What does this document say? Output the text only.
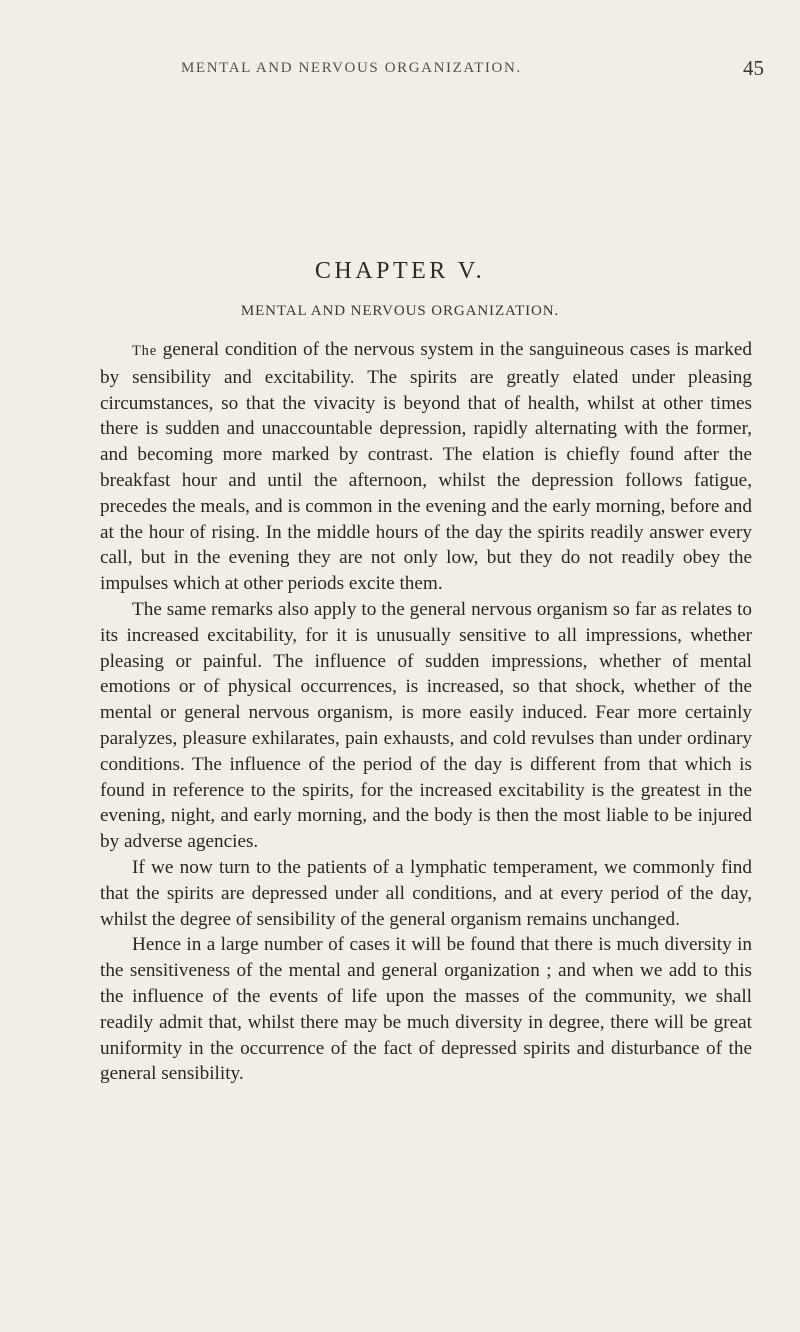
MENTAL AND NERVOUS ORGANIZATION.	45
CHAPTER V.
MENTAL AND NERVOUS ORGANIZATION.

The general condition of the nervous system in the sanguineous cases is marked by sensibility and excitability. The spirits are greatly elated under pleasing circumstances, so that the vivacity is beyond that of health, whilst at other times there is sudden and unaccountable depression, rapidly alternating with the former, and becoming more marked by contrast. The elation is chiefly found after the breakfast hour and until the afternoon, whilst the depression follows fatigue, precedes the meals, and is common in the evening and the early morning, before and at the hour of rising. In the middle hours of the day the spirits readily answer every call, but in the evening they are not only low, but they do not readily obey the impulses which at other periods excite them.

The same remarks also apply to the general nervous organism so far as relates to its increased excitability, for it is unusually sensitive to all impressions, whether pleasing or painful. The influence of sudden impressions, whether of mental emotions or of physical occurrences, is increased, so that shock, whether of the mental or general nervous organism, is more easily induced. Fear more certainly paralyzes, pleasure exhilarates, pain exhausts, and cold revulses than under ordinary conditions. The influence of the period of the day is different from that which is found in reference to the spirits, for the increased excitability is the greatest in the evening, night, and early morning, and the body is then the most liable to be injured by adverse agencies.

If we now turn to the patients of a lymphatic temperament, we commonly find that the spirits are depressed under all conditions, and at every period of the day, whilst the degree of sensibility of the general organism remains unchanged.

Hence in a large number of cases it will be found that there is much diversity in the sensitiveness of the mental and general organization ; and when we add to this the influence of the events of life upon the masses of the community, we shall readily admit that, whilst there may be much diversity in degree, there will be great uniformity in the occurrence of the fact of depressed spirits and disturbance of the general sensibility.
